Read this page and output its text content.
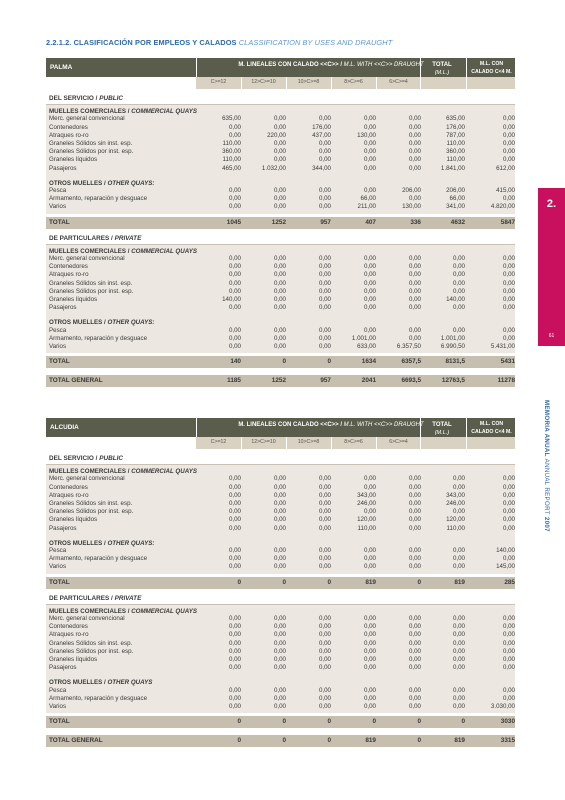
2.2.1.2. CLASIFICACIÓN POR EMPLEOS Y CALADOS CLASSIFICATION BY USES AND DRAUGHT
PALMA	M. LINEALES CON CALADO <<C>> / M.L. WITH <<C>> DRAUGHT	TOTAL
(M.L.)
M.L. CON
CALADO C<4 M.
C>=12	12>C>=10	10>C>=8	8>C>=6	6>C>=4
DEL SERVICIO / PUBLIC
MUELLES COMERCIALES / COMMERCIAL QUAYS
Merc. general convencional	635,00	0,00	0,00	0,00	0,00	635,00	0,00
Contenedores	0,00	0,00	176,00	0,00	0,00	176,00	0,00
Atraques ro-ro	0,00	220,00	437,00	130,00	0,00	787,00	0,00
Graneles Sólidos sin inst. esp.	110,00	0,00	0,00	0,00	0,00	110,00	0,00
Graneles Sólidos por inst. esp.	360,00	0,00	0,00	0,00	0,00	360,00	0,00
Graneles líquidos	110,00	0,00	0,00	0,00	0,00	110,00	0,00
Pasajeros	465,00	1.032,00	344,00	0,00	0,00	1.841,00	612,00
OTROS MUELLES / OTHER QUAYS:
Pesca	0,00	0,00	0,00	0,00	206,00	206,00	415,00
Armamento, reparación y desguace	0,00	0,00	0,00	66,00	0,00	66,00	0,00
Varios	0,00	0,00	0,00	211,00	130,00	341,00	4.820,00
TOTAL	1045	1252	957	407	336	4632	5847
DE PARTICULARES / PRIVATE
MUELLES COMERCIALES / COMMERCIAL QUAYS
Merc. general convencional	0,00	0,00	0,00	0,00	0,00	0,00	0,00
Contenedores	0,00	0,00	0,00	0,00	0,00	0,00	0,00
Atraques ro-ro	0,00	0,00	0,00	0,00	0,00	0,00	0,00
Graneles Sólidos sin inst. esp.	0,00	0,00	0,00	0,00	0,00	0,00	0,00
Graneles Sólidos por inst. esp.	0,00	0,00	0,00	0,00	0,00	0,00	0,00
Graneles líquidos	140,00	0,00	0,00	0,00	0,00	140,00	0,00
Pasajeros	0,00	0,00	0,00	0,00	0,00	0,00	0,00
OTROS MUELLES / OTHER QUAYS:
Pesca	0,00	0,00	0,00	0,00	0,00	0,00	0,00
Armamento, reparación y desguace	0,00	0,00	0,00	1.001,00	0,00	1.001,00	0,00
Varios	0,00	0,00	0,00	633,00	6.357,50	6.990,50	5.431,00
TOTAL	140	0	0	1634	6357,5	8131,5	5431
TOTAL GENERAL	1185	1252	957	2041	6693,5	12763,5	11278
ALCUDIA	M. LINEALES CON CALADO <<C>> / M.L. WITH <<C>> DRAUGHT	TOTAL
(M.L.)
M.L. CON
CALADO C<4 M.
C>=12	12>C>=10	10>C>=8	8>C>=6	6>C>=4
DEL SERVICIO / PUBLIC
MUELLES COMERCIALES / COMMERCIAL QUAYS
Merc. general convencional	0,00	0,00	0,00	0,00	0,00	0,00	0,00
Contenedores	0,00	0,00	0,00	0,00	0,00	0,00	0,00
Atraques ro-ro	0,00	0,00	0,00	343,00	0,00	343,00	0,00
Graneles Sólidos sin inst. esp.	0,00	0,00	0,00	246,00	0,00	246,00	0,00
Graneles Sólidos por inst. esp.	0,00	0,00	0,00	0,00	0,00	0,00	0,00
Graneles líquidos	0,00	0,00	0,00	120,00	0,00	120,00	0,00
Pasajeros	0,00	0,00	0,00	110,00	0,00	110,00	0,00
OTROS MUELLES / OTHER QUAYS:
Pesca	0,00	0,00	0,00	0,00	0,00	0,00	140,00
Armamento, reparación y desguace	0,00	0,00	0,00	0,00	0,00	0,00	0,00
Varios	0,00	0,00	0,00	0,00	0,00	0,00	145,00
TOTAL	0	0	0	819	0	819	285
DE PARTICULARES / PRIVATE
MUELLES COMERCIALES / COMMERCIAL QUAYS
Merc. general convencional	0,00	0,00	0,00	0,00	0,00	0,00	0,00
Contenedores	0,00	0,00	0,00	0,00	0,00	0,00	0,00
Atraques ro-ro	0,00	0,00	0,00	0,00	0,00	0,00	0,00
Graneles Sólidos sin inst. esp.	0,00	0,00	0,00	0,00	0,00	0,00	0,00
Graneles Sólidos por inst. esp.	0,00	0,00	0,00	0,00	0,00	0,00	0,00
Graneles líquidos	0,00	0,00	0,00	0,00	0,00	0,00	0,00
Pasajeros	0,00	0,00	0,00	0,00	0,00	0,00	0,00
OTROS MUELLES / OTHER QUAYS
Pesca	0,00	0,00	0,00	0,00	0,00	0,00	0,00
Armamento, reparación y desguace	0,00	0,00	0,00	0,00	0,00	0,00	0,00
Varios	0,00	0,00	0,00	0,00	0,00	0,00	3.030,00
TOTAL	0	0	0	0	0	0	3030
TOTAL GENERAL	0	0	0	819	0	819	3315
2.
61
MEMORIA ANUAL ANNUAL REPORT 2007
